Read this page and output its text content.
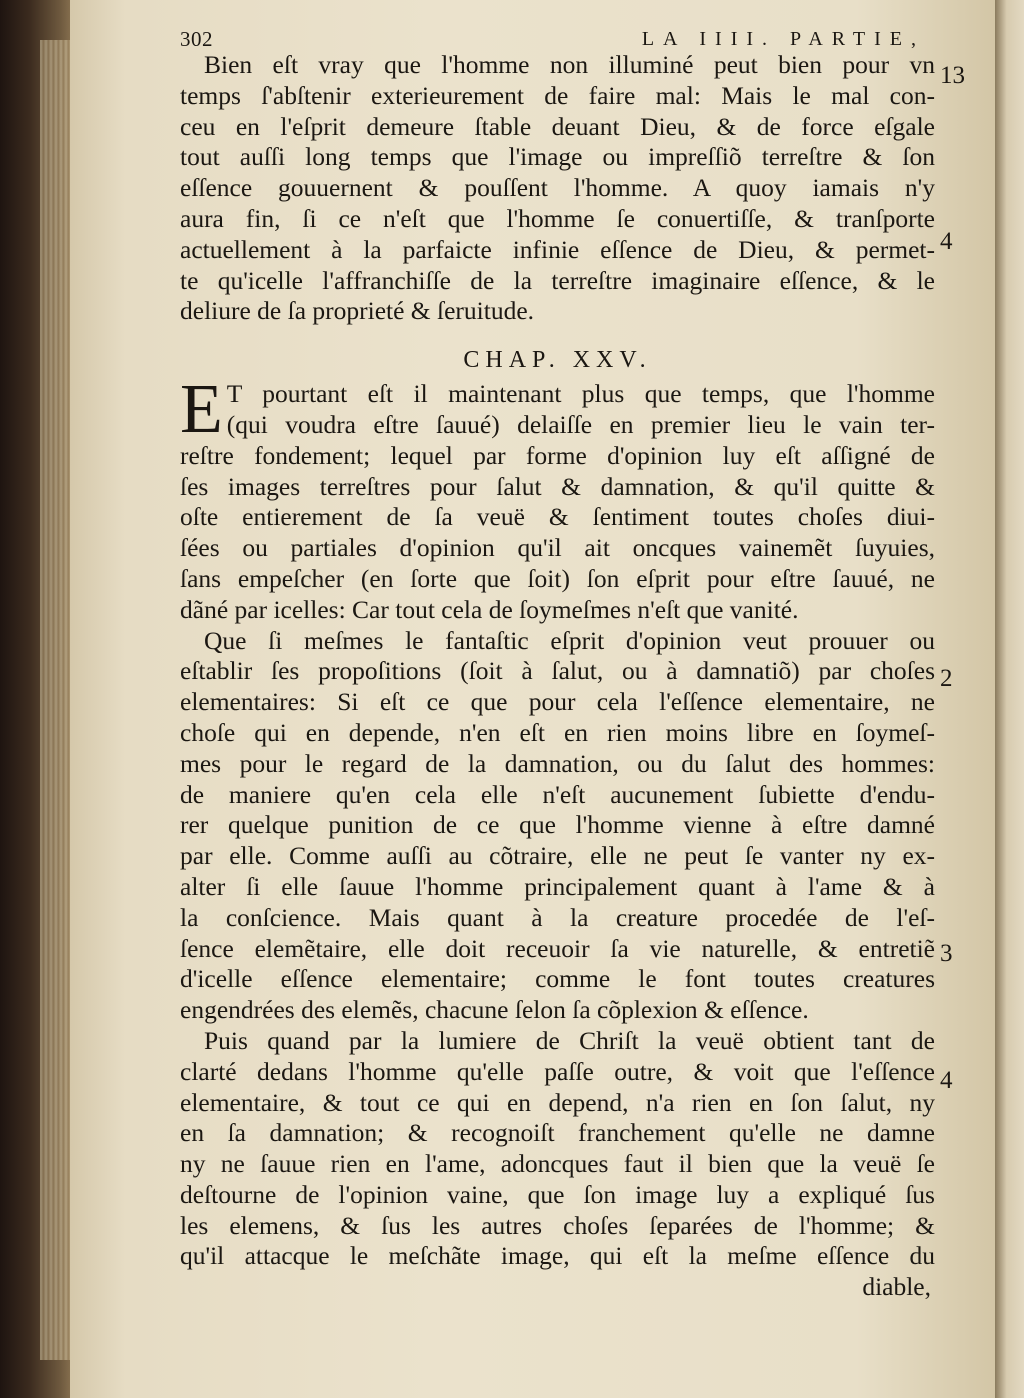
302	LA IIII. PARTIE,
Bien eſt vray que l'homme non illuminé peut bien pour vn
temps ſ'abſtenir exterieurement de faire mal: Mais le mal con-
ceu en l'eſprit demeure ſtable deuant Dieu, & de force eſgale
tout auſſi long temps que l'image ou impreſſiõ terreſtre & ſon
eſſence gouuernent & pouſſent l'homme. A quoy iamais n'y
aura fin, ſi ce n'eſt que l'homme ſe conuertiſſe, & tranſporte
actuellement à la parfaicte infinie eſſence de Dieu, & permet-
te qu'icelle l'affranchiſſe de la terreſtre imaginaire eſſence, & le
deliure de ſa proprieté & ſeruitude.
CHAP. XXV.
E T pourtant eſt il maintenant plus que temps, que l'homme
(qui voudra eſtre ſauué) delaiſſe en premier lieu le vain ter-
reſtre fondement; lequel par forme d'opinion luy eſt aſſigné de
ſes images terreſtres pour ſalut & damnation, & qu'il quitte &
oſte entierement de ſa veuë & ſentiment toutes choſes diui-
ſées ou partiales d'opinion qu'il ait oncques vainemẽt ſuyuies,
ſans empeſcher (en ſorte que ſoit) ſon eſprit pour eſtre ſauué, ne
dãné par icelles: Car tout cela de ſoymeſmes n'eſt que vanité.
Que ſi meſmes le fantaſtic eſprit d'opinion veut prouuer ou
eſtablir ſes propoſitions (ſoit à ſalut, ou à damnatiõ) par choſes
elementaires: Si eſt ce que pour cela l'eſſence elementaire, ne
choſe qui en depende, n'en eſt en rien moins libre en ſoymeſ-
mes pour le regard de la damnation, ou du ſalut des hommes:
de maniere qu'en cela elle n'eſt aucunement ſubiette d'endu-
rer quelque punition de ce que l'homme vienne à eſtre damné
par elle. Comme auſſi au cõtraire, elle ne peut ſe vanter ny ex-
alter ſi elle ſauue l'homme principalement quant à l'ame & à
la conſcience. Mais quant à la creature procedée de l'eſ-
ſence elemẽtaire, elle doit receuoir ſa vie naturelle, & entretiẽ
d'icelle eſſence elementaire; comme le font toutes creatures
engendrées des elemẽs, chacune ſelon ſa cõplexion & eſſence.
Puis quand par la lumiere de Chriſt la veuë obtient tant de
clarté dedans l'homme qu'elle paſſe outre, & voit que l'eſſence
elementaire, & tout ce qui en depend, n'a rien en ſon ſalut, ny
en ſa damnation; & recognoiſt franchement qu'elle ne damne
ny ne ſauue rien en l'ame, adoncques faut il bien que la veuë ſe
deſtourne de l'opinion vaine, que ſon image luy a expliqué ſus
les elemens, & ſus les autres choſes ſeparées de l'homme; &
qu'il attacque le meſchãte image, qui eſt la meſme eſſence du
diable,
13
4
2
3
4
